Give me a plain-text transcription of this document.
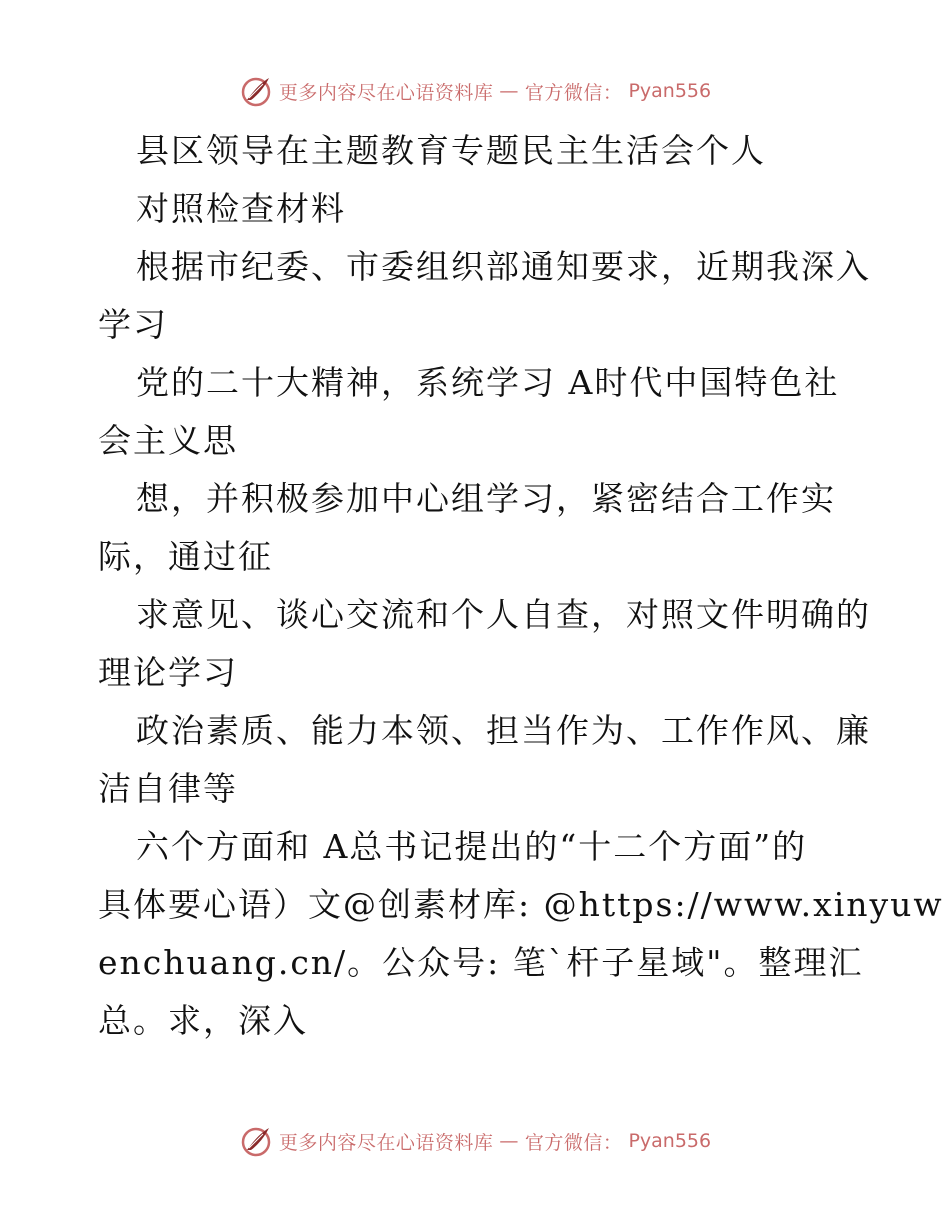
更多内容尽在心语资料库 — 官方微信： Pyan556
县区领导在主题教育专题民主生活会个人
对照检查材料
根据市纪委、市委组织部通知要求，近期我深入
学习
党的二十大精神，系统学习 A时代中国特色社
会主义思
想，并积极参加中心组学习，紧密结合工作实
际，通过征
求意见、谈心交流和个人自查，对照文件明确的
理论学习
政治素质、能力本领、担当作为、工作作风、廉
洁自律等
六个方面和 A总书记提出的“十二个方面”的
具体要心语）文@创素材库: @https://www.xinyuw
enchuang.cn/。公众号: 笔`杆子星域"。整理汇
总。求，深入
更多内容尽在心语资料库 — 官方微信： Pyan556
